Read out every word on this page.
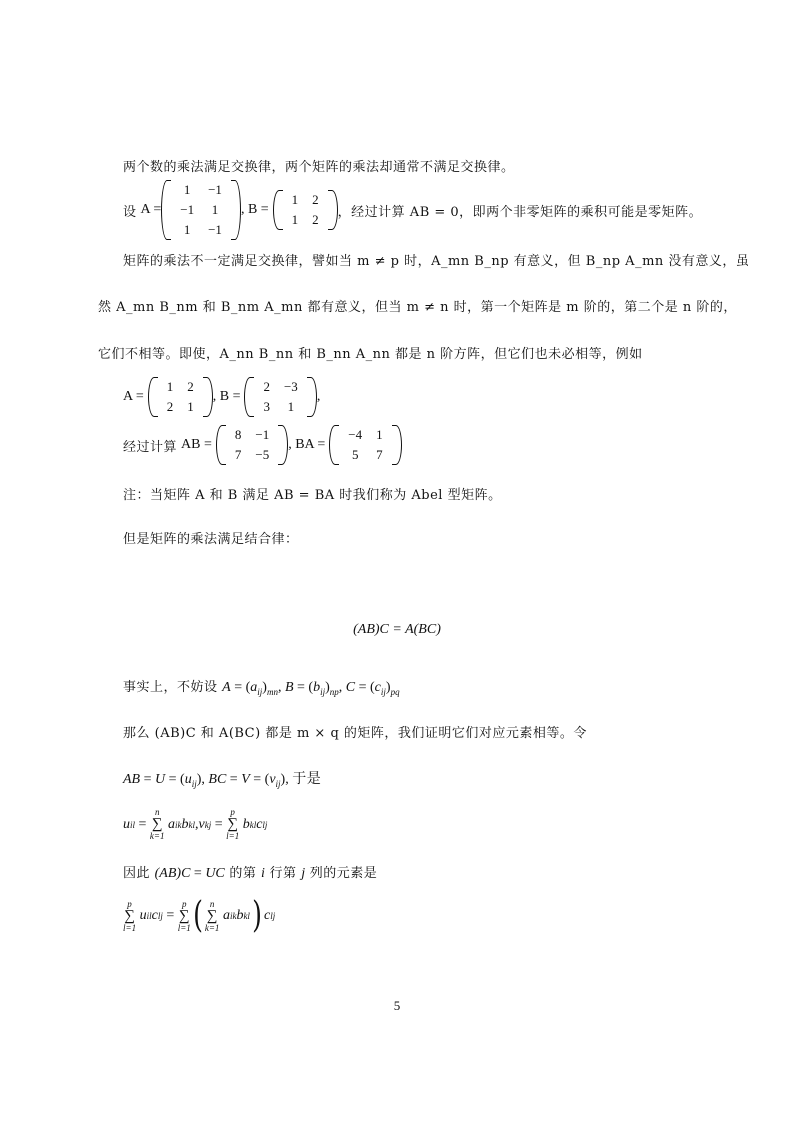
两个数的乘法满足交换律，两个矩阵的乘法却通常不满足交换律。
设 A =
1	−1
−1	1
1	−1
, B =
1	2
1	2 ，经过计算 AB = 0，即两个非零矩阵的乘积可能是零矩阵。
矩阵的乘法不一定满足交换律，譬如当 m ≠ p 时，A_mn B_np 有意义，但 B_np A_mn 没有意义，虽
然 A_mn B_nm 和 B_nm A_mn 都有意义，但当 m ≠ n 时，第一个矩阵是 m 阶的，第二个是 n 阶的，
它们不相等。即使，A_nn B_nn 和 B_nn A_nn 都是 n 阶方阵，但它们也未必相等，例如
A =
1	2
2	1
, B =
2	−3
3	1
,
经过计算 AB =
8	−1
7	−5
, BA =
−4	1
5	7
注：当矩阵 A 和 B 满足 AB = BA 时我们称为 Abel 型矩阵。
但是矩阵的乘法满足结合律：
(AB)C = A(BC)
事实上，不妨设 $A = (a_{ij})_{mn}$, $B = (b_{ij})_{np}$, $C = (c_{ij})_{pq}$
那么 (AB)C 和 A(BC) 都是 m × q 的矩阵，我们证明它们对应元素相等。令
AB = $U = (u_{ij})$, BC = $V = (v_{ij})$, 于是
u il =
n
∑
k=1

a ik b kl , v kj =
p
∑
l=1

b kl c lj
因此 (AB)C = UC 的第 i 行第 j 列的元素是
p
∑
l=1

u il c lj =
p
∑
l=1 ( n
∑
k=1

a ik b kl ) c lj
5
